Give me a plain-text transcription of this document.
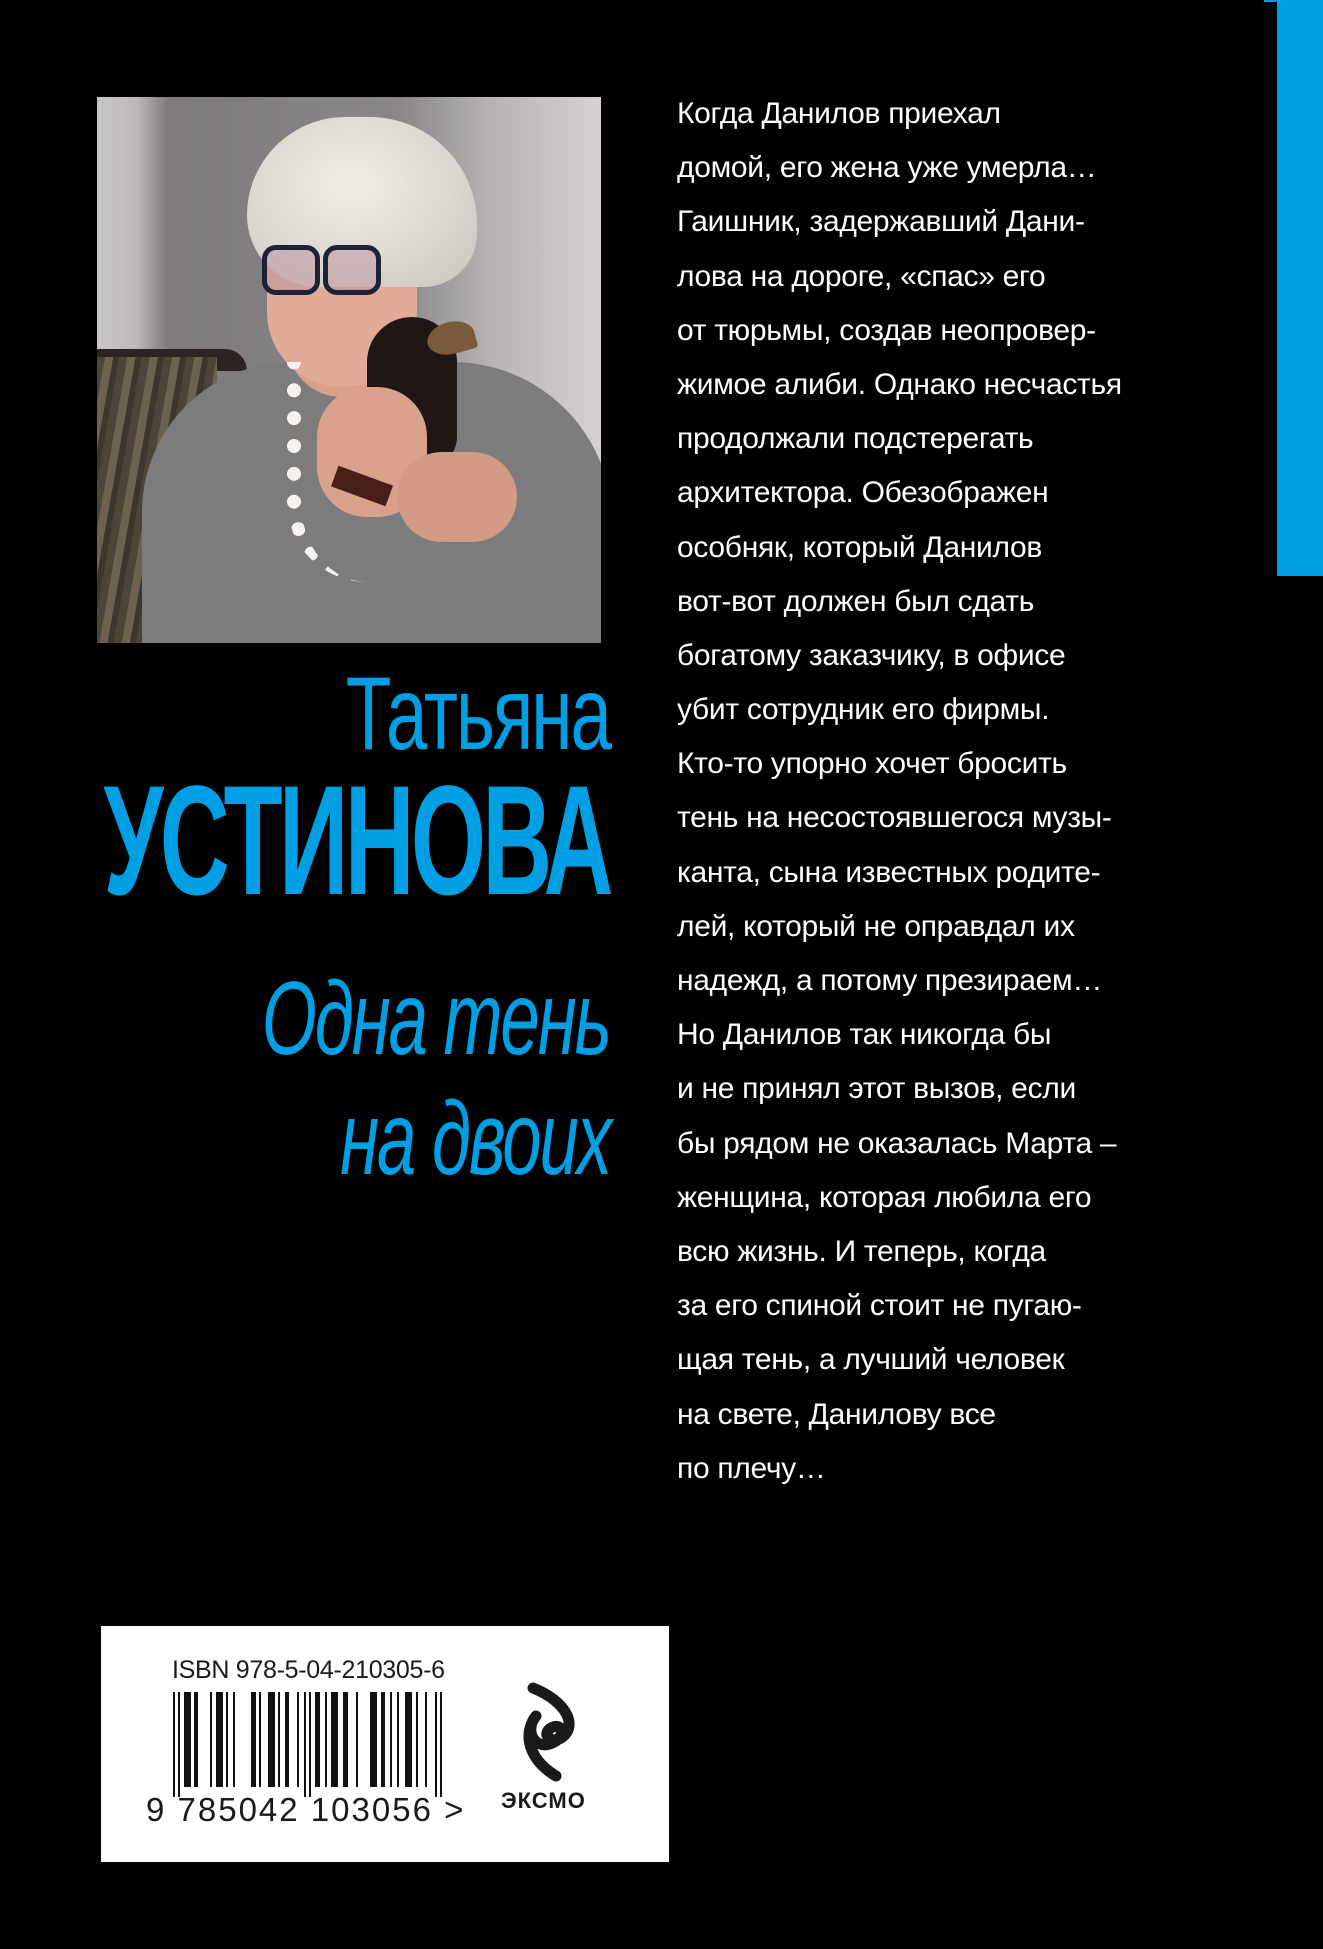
Татьяна
УСТИНОВА
Одна тень
на двоих
Когда Данилов приехал
домой, его жена уже умерла…
Гаишник, задержавший Дани-
лова на дороге, «спас» его
от тюрьмы, создав неопровер-
жимое алиби. Однако несчастья
продолжали подстерегать
архитектора. Обезображен
особняк, который Данилов
вот-вот должен был сдать
богатому заказчику, в офисе
убит сотрудник его фирмы.
Кто-то упорно хочет бросить
тень на несостоявшегося музы-
канта, сына известных родите-
лей, который не оправдал их
надежд, а потому презираем…
Но Данилов так никогда бы
и не принял этот вызов, если
бы рядом не оказалась Марта –
женщина, которая любила его
всю жизнь. И теперь, когда
за его спиной стоит не пугаю-
щая тень, а лучший человек
на свете, Данилову все
по плечу…
ISBN 978-5-04-210305-6
9 785042 103056 > ЭКСМО
